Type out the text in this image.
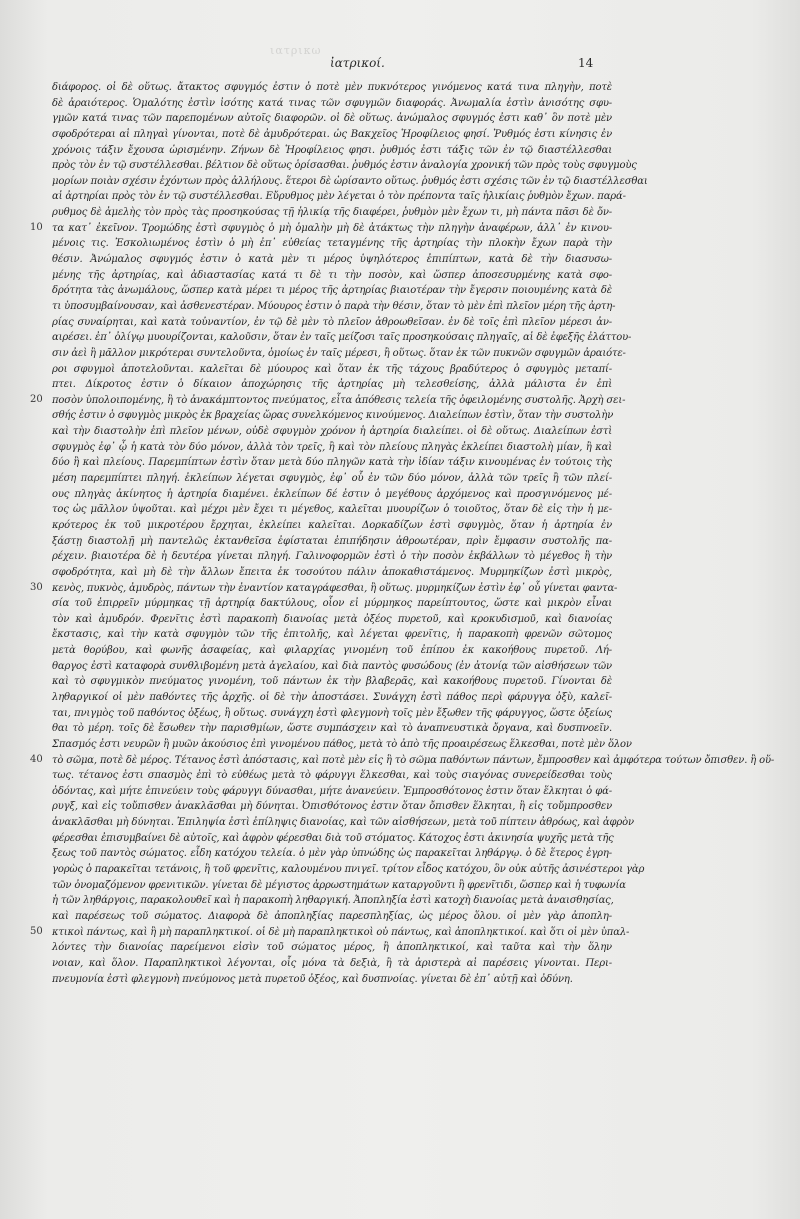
ιατρικω
ἰατρικοί.	14
10
20
30
40
50
διάφορος. οἱ δὲ οὕτως. ἄτακτος σφυγμός ἐστιν ὁ ποτὲ μὲν πυκνότερος γινόμενος κατά τινα πληγὴν, ποτὲ
δὲ ἀραιότερος. Ὁμαλότης ἐστὶν ἰσότης κατά τινας τῶν σφυγμῶν διαφοράς. Ἀνωμαλία ἐστὶν ἀνισότης σφυ-
γμῶν κατά τινας τῶν παρεπομένων αὐτοῖς διαφορῶν. οἱ δὲ οὕτως. ἀνώμαλος σφυγμός ἐστι καθ᾽ ὃν ποτὲ μὲν
σφοδρότεραι αἱ πληγαὶ γίνονται, ποτὲ δὲ ἀμυδρότεραι. ὡς Βακχεῖος Ἡροφίλειος φησί. Ῥυθμός ἐστι κίνησις ἐν
χρόνοις τάξιν ἔχουσα ὡρισμένην. Ζήνων δὲ Ἡροφίλειος φησι. ῥυθμός ἐστι τάξις τῶν ἐν τῷ διαστέλλεσθαι
πρὸς τὸν ἐν τῷ συστέλλεσθαι. βέλτιον δὲ οὕτως ὁρίσασθαι. ῥυθμός ἐστιν ἀναλογία χρονική τῶν πρὸς τοὺς σφυγμοὺς
μορίων ποιὰν σχέσιν ἐχόντων πρὸς ἀλλήλους. ἕτεροι δὲ ὡρίσαντο οὕτως. ῥυθμός ἐστι σχέσις τῶν ἐν τῷ διαστέλλεσθαι
αἱ ἀρτηρίαι πρὸς τὸν ἐν τῷ συστέλλεσθαι. Εὔρυθμος μὲν λέγεται ὁ τὸν πρέποντα ταῖς ἡλικίαις ῥυθμὸν ἔχων. παρά-
ρυθμος δὲ ἀμελὴς τὸν πρὸς τὰς προσηκούσας τῇ ἡλικίᾳ τῆς διαφέρει, ῥυθμὸν μὲν ἔχων τι, μὴ πάντα πᾶσι δὲ ὄν-
τα κατ᾽ ἐκεῖνον. Τρομώδης ἐστὶ σφυγμὸς ὁ μὴ ὁμαλὴν μὴ δὲ ἀτάκτως τὴν πληγὴν ἀναφέρων, ἀλλ᾽ ἐν κινου-
μένοις τις. Ἐσκολιωμένος ἐστὶν ὁ μὴ ἐπ᾽ εὐθείας τεταγμένης τῆς ἀρτηρίας τὴν πλοκὴν ἔχων παρὰ τὴν
θέσιν. Ἀνώμαλος σφυγμός ἐστιν ὁ κατὰ μὲν τι μέρος ὑψηλότερος ἐπιπίπτων, κατὰ δὲ τὴν διασυσω-
μένης τῆς ἀρτηρίας, καὶ ἀδιαστασίας κατά τι δὲ τι τὴν ποσὸν, καὶ ὥσπερ ἀποσεσυρμένης κατὰ σφο-
δρότητα τὰς ἀνωμάλους, ὥσπερ κατὰ μέρει τι μέρος τῆς ἀρτηρίας βιαιοτέραν τὴν ἔγερσιν ποιουμένης κατὰ δὲ
τι ὑποσυμβαίνουσαν, καὶ ἀσθενεστέραν. Μύουρος ἐστιν ὁ παρὰ τὴν θέσιν, ὅταν τὸ μὲν ἐπὶ πλεῖον μέρη τῆς ἀρτη-
ρίας συναίρηται, καὶ κατὰ τοὐναντίον, ἐν τῷ δὲ μὲν τὸ πλεῖον ἀθροωθεῖσαν. ἐν δὲ τοῖς ἐπὶ πλεῖον μέρεσι ἀν-
αιρέσει. ἐπ᾽ ὀλίγῳ μυουρίζονται, καλοῦσιν, ὅταν ἐν ταῖς μείζοσι ταῖς προσηκούσαις πληγαῖς, αἱ δὲ ἐφεξῆς ἐλάττου-
σιν ἀεὶ ἢ μᾶλλον μικρότεραι συντελοῦντα, ὁμοίως ἐν ταῖς μέρεσι, ἢ οὕτως. ὅταν ἐκ τῶν πυκνῶν σφυγμῶν ἀραιότε-
ροι σφυγμοὶ ἀποτελοῦνται. καλεῖται δὲ μύουρος καὶ ὅταν ἐκ τῆς τάχους βραδύτερος ὁ σφυγμὸς μεταπί-
πτει. Δίκροτος ἐστιν ὁ δίκαιον ἀποχώρησις τῆς ἀρτηρίας μὴ τελεσθείσης, ἀλλὰ μάλιστα ἐν ἐπὶ
ποσὸν ὑπολοιπομένης, ἢ τὸ ἀνακάμπτοντος πνεύματος, εἶτα ἀπόθεσις τελεία τῆς ὀφειλομένης συστολῆς. Ἀρχὴ σει-
σθής ἐστιν ὁ σφυγμὸς μικρὸς ἐκ βραχείας ὥρας συνελκόμενος κινούμενος. Διαλείπων ἐστὶν, ὅταν τὴν συστολὴν
καὶ τὴν διαστολὴν ἐπὶ πλεῖον μένων, οὐδὲ σφυγμὸν χρόνον ἡ ἀρτηρία διαλείπει. οἱ δὲ οὕτως. Διαλείπων ἐστὶ
σφυγμὸς ἐφ᾽ ᾧ ἡ κατὰ τὸν δύο μόνον, ἀλλὰ τὸν τρεῖς, ἢ καὶ τὸν πλείους πληγὰς ἐκλείπει διαστολὴ μίαν, ἢ καὶ
δύο ἢ καὶ πλείους. Παρεμπίπτων ἐστὶν ὅταν μετὰ δύο πληγῶν κατὰ τὴν ἰδίαν τάξιν κινουμένας ἐν τούτοις τὴς
μέση παρεμπίπτει πληγή. ἐκλείπων λέγεται σφυγμὸς, ἐφ᾽ οὗ ἐν τῶν δύο μόνον, ἀλλὰ τῶν τρεῖς ἢ τῶν πλεί-
ους πληγὰς ἀκίνητος ἡ ἀρτηρία διαμένει. ἐκλείπων δέ ἐστιν ὁ μεγέθους ἀρχόμενος καὶ προσγινόμενος μέ-
τος ὡς μᾶλλον ὑψοῦται. καὶ μέχρι μὲν ἔχει τι μέγεθος, καλεῖται μυουρίζων ὁ τοιοῦτος, ὅταν δὲ εἰς τὴν ἡ με-
κρότερος ἐκ τοῦ μικροτέρου ἔρχηται, ἐκλείπει καλεῖται. Δορκαδίζων ἐστὶ σφυγμὸς, ὅταν ἡ ἀρτηρία ἐν
ξάστῃ διαστολῇ μὴ παντελῶς ἐκτανθεῖσα ἐφίσταται ἐπιπήδησιν ἀθροωτέραν, πρὶν ἔμφασιν συστολῆς πα-
ρέχειν. βιαιοτέρα δὲ ἡ δευτέρα γίνεται πληγή. Γαλινοφορμῶν ἐστὶ ὁ τὴν ποσὸν ἐκβάλλων τὸ μέγεθος ἢ τὴν
σφοδρότητα, καὶ μὴ δὲ τὴν ἄλλων ἔπειτα ἐκ τοσούτου πάλιν ἀποκαθιστάμενος. Μυρμηκίζων ἐστὶ μικρὸς,
κενὸς, πυκνὸς, ἀμυδρὸς, πάντων τὴν ἐναντίον καταγράφεσθαι, ἢ οὕτως. μυρμηκίζων ἐστὶν ἐφ᾽ οὗ γίνεται φαντα-
σία τοῦ ἐπιρρεῖν μύρμηκας τῇ ἀρτηρίᾳ δακτύλους, οἷον εἰ μύρμηκος παρείπτουτος, ὥστε καὶ μικρὸν εἶναι
τὸν καὶ ἀμυδρόν. Φρενῖτις ἐστὶ παρακοπὴ διανοίας μετὰ ὀξέος πυρετοῦ, καὶ κροκυδισμοῦ, καὶ διανοίας
ἔκστασις, καὶ τὴν κατὰ σφυγμὸν τῶν τῆς ἐπιτολῆς, καὶ λέγεται φρενῖτις, ἡ παρακοπὴ φρενῶν σῶτομος
μετὰ θορύβου, καὶ φωνῆς ἀσαφείας, καὶ φιλαρχίας γινομένη τοῦ ἐπίπου ἐκ κακοήθους πυρετοῦ. Λή-
θαργος ἐστὶ καταφορὰ συνθλιβομένη μετὰ ἀγελαίου, καὶ διὰ παντὸς φυσώδους (ἐν ἀτονίᾳ τῶν αἰσθήσεων τῶν
καὶ τὸ σφυγμικὸν πνεύματος γινομένη, τοῦ πάντων ἐκ τὴν βλαβερᾶς, καὶ κακοήθους πυρετοῦ. Γίνονται δὲ
ληθαργικοί οἱ μὲν παθόντες τῆς ἀρχῆς. οἱ δὲ τὴν ἀποστάσει. Συνάγχη ἐστὶ πάθος περὶ φάρυγγα ὀξὺ, καλεῖ-
ται, πνιγμὸς τοῦ παθόντος ὀξέως, ἢ οὕτως. συνάγχη ἐστὶ φλεγμονὴ τοῖς μὲν ἔξωθεν τῆς φάρυγγος, ὥστε ὀξείως
θαι τὸ μέρη. τοῖς δὲ ἔσωθεν τὴν παρισθμίων, ὥστε συμπάσχειν καὶ τὸ ἀναπνευστικὰ ὄργανα, καὶ δυσπνοεῖν.
Σπασμός ἐστι νευρῶν ἢ μυῶν ἀκούσιος ἐπὶ γινομένου πάθος, μετὰ τὸ ἀπὸ τῆς προαιρέσεως ἕλκεσθαι, ποτὲ μὲν ὅλον
τὸ σῶμα, ποτὲ δὲ μέρος. Τέτανος ἐστὶ ἀπόστασις, καὶ ποτὲ μὲν εἰς ἣ τὸ σῶμα παθόντων πάντων, ἔμπροσθεν καὶ ἀμφότερα τούτων ὄπισθεν. ἢ οὕ-
τως. τέτανος ἐστι σπασμὸς ἐπὶ τὸ εὐθέως μετὰ τὸ φάρυγγι ἕλκεσθαι, καὶ τοὺς σιαγόνας συνερείδεσθαι τοὺς
ὀδόντας, καὶ μήτε ἐπινεύειν τοὺς φάρυγγι δύνασθαι, μήτε ἀνανεύειν. Ἐμπροσθότονος ἐστιν ὅταν ἕλκηται ὁ φά-
ρυγξ, καὶ εἰς τοὔπισθεν ἀνακλᾶσθαι μὴ δύνηται. Ὀπισθότονος ἐστιν ὅταν ὄπισθεν ἕλκηται, ἢ εἰς τοὔμπροσθεν
ἀνακλᾶσθαι μὴ δύνηται. Ἐπιληψία ἐστὶ ἐπίληψις διανοίας, καὶ τῶν αἰσθήσεων, μετὰ τοῦ πίπτειν ἀθρόως, καὶ ἀφρὸν
φέρεσθαι ἐπισυμβαίνει δὲ αὐτοῖς, καὶ ἀφρὸν φέρεσθαι διὰ τοῦ στόματος. Κάτοχος ἐστι ἀκινησία ψυχῆς μετὰ τῆς
ξεως τοῦ παντὸς σώματος. εἶδη κατόχου τελεία. ὁ μὲν γὰρ ὑπνώδης ὡς παρακεῖται ληθάργῳ. ὁ δὲ ἕτερος ἐγρη-
γορὼς ὁ παρακεῖται τετάνοις, ἢ τοῦ φρενῖτις, καλουμένου πνιγεῖ. τρίτον εἶδος κατόχου, ὃν οὐκ αὐτῆς ἀσινέστεροι γὰρ
τῶν ὀνομαζόμενον φρενιτικῶν. γίνεται δὲ μέγιστος ἀρρωστημάτων καταργοῦντι ἢ φρενῖτιδι, ὥσπερ καὶ ἡ τυφωνία
ἡ τῶν ληθάργοις, παρακολουθεῖ καὶ ἡ παρακοπὴ ληθαργική. Ἀποπληξία ἐστὶ κατοχὴ διανοίας μετὰ ἀναισθησίας,
καὶ παρέσεως τοῦ σώματος. Διαφορὰ δὲ ἀποπληξίας παρεσπληξίας, ὡς μέρος ὅλου. οἱ μὲν γὰρ ἀποπλη-
κτικοὶ πάντως, καὶ ἢ μὴ παραπληκτικοί. οἱ δὲ μὴ παραπληκτικοὶ οὐ πάντως, καὶ ἀποπληκτικοί. καὶ ὅτι οἱ μὲν ὑπαλ-
λόντες τὴν διανοίας παρείμενοι εἰσὶν τοῦ σώματος μέρος, ἢ ἀποπληκτικοί, καὶ ταῦτα καὶ τὴν ὅλην
νοιαν, καὶ ὅλον. Παραπληκτικοὶ λέγονται, οἷς μόνα τὰ δεξιὰ, ἢ τὰ ἀριστερὰ αἱ παρέσεις γίνονται. Περι-
πνευμονία ἐστὶ φλεγμονὴ πνεύμονος μετὰ πυρετοῦ ὀξέος, καὶ δυσπνοίας. γίνεται δὲ ἐπ᾽ αὐτῇ καὶ ὀδύνη.
